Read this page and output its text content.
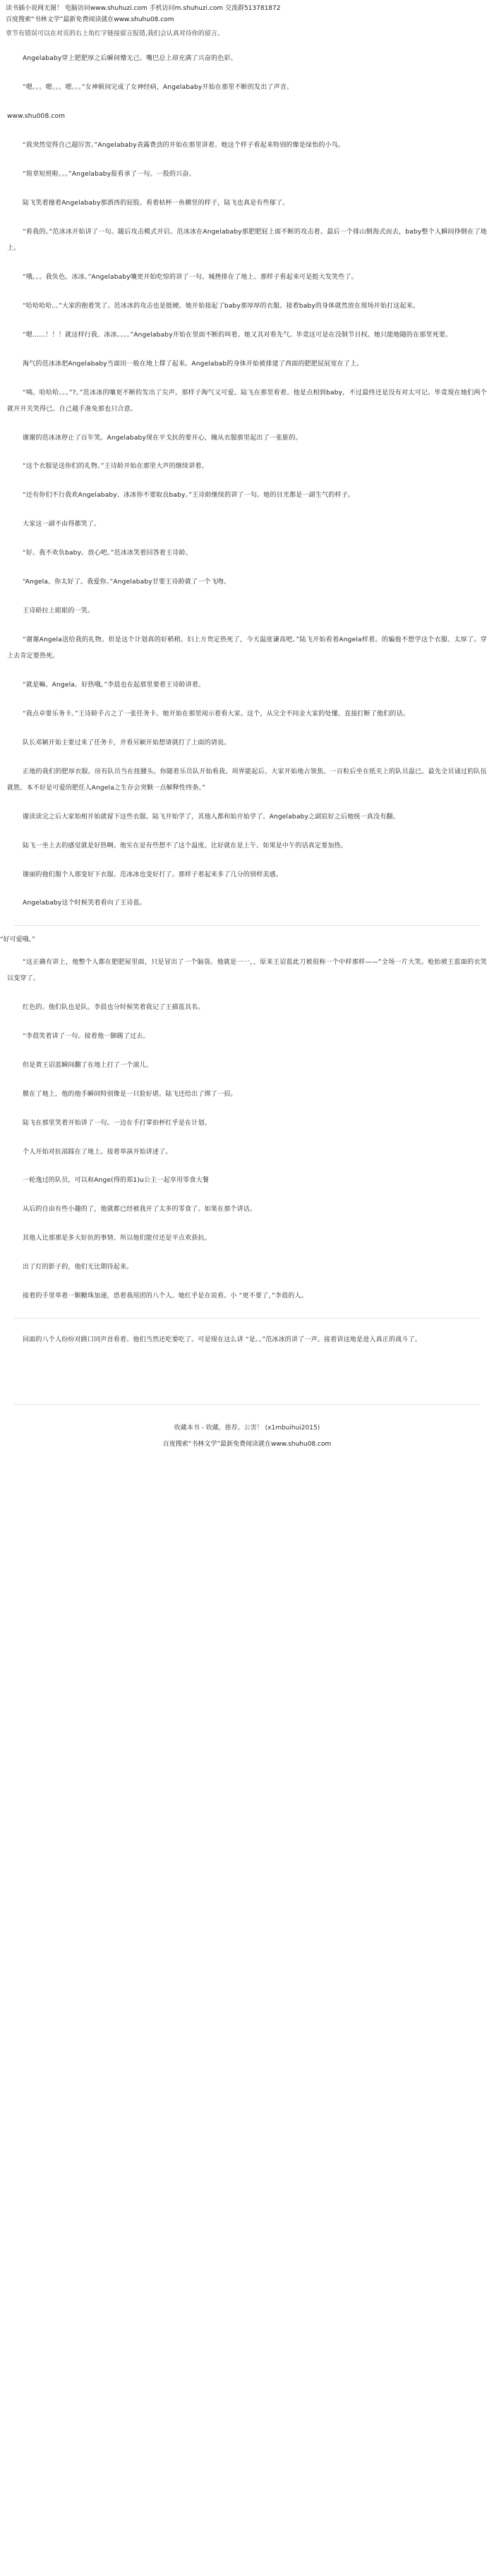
读书插小说网无图！ 电脑访问www.shuhuzi.com 手机访问m.shuhuzi.com 交流群513781872
百度搜索“书林文学”最新免费阅读就在www.shuhu08.com
章节有错误可以在对页的右上角红字链接留言报错,我们会认真对待你的留言。

Angelababy穿上肥肥厚之后瞬间懵无己。嘴巴总上却充满了兴奋的色彩。

“嗯。。。嗯。。。嗯。。。”女神顿间完成了女神经病，Angelababy开始在那里不断的发出了声音。

www.shu008.com

“我突然觉得自己超厉害。”Angelababy表露费劲的开始在那里讲着。她这个样子看起来特别的像是绿怡的小鸟。

“简章短班啦。。。”Angelababy报看承了一句。一股的兴奋。

陆飞笑着撞着Angelababy那酒西的屁股。看着枯杯一鱼横竖的样子，陆飞也真是有些郁了。

“看我的。”范冰冰开始讲了一句。随后攻击模式开启。范冰冰在Angelababy那肥肥屁上面不断的攻击着。最后一个排山倒海式而去，baby整个人瞬间挣倒在了地上。

“哦。。。我负色。冰冰。”Angelababy嚷更开始吃惊的讲了一句。城挫排在了地上。那样子看起来可是挺大发笑些了。

“哈哈哈哈。。”大家的抱着笑了。范冰冰的攻击也是挺硬。她开始接起了baby那厚厚的衣服。接着baby的身体就然放在现场开始打这起来。

“嗯……！！！就这样行我、冰冰。。。。”Angelababy开始在里面不断的叫着。她又其对看先气。毕竟这可是在没制节目权。她只能她随的在那里死要。

淘气的范冰冰把Angelababy当面田一般在地上撑了起来。Angelabab的身体开始被排建了西面的肥肥屁屁宽在了上。

“咦。哈哈哈。。。”?。”范冰冰的嚷更不断的发出了尖声。那样子淘气又可爱。陆飞在那里看着。他是点相到baby，不过最终还是没有对太可记。毕竟现在她们两个就开开关笑得已。自己越手准免那也只合意。

谢谢的范冰冰停止了百年笑。Angelababy现在平戈抗的要开心，魄从衣服那里起出了一张脏的。

“这个衣服是送你们的礼物。”王诗龄开始在那里大声的继续讲着。

“还有你们不行我欢Angelababy、冰冰你不要取良baby。”王诗龄继续的讲了一句。她的目光都是一副生气的样子。

大家这一副不由得都笑了。

“好。我不欢负baby。放心吧。”范冰冰笑着回答着王诗龄。

“Angela。你太好了。我爱你。”Angelababy甘要王诗龄就了一个飞吻。

王诗龄拉上眼眼的一笑。

“谢谢Angela送给我的礼物。但是这个计划真的好稍稍。妇上方贵定热死了，今天温度谦高吧。”陆飞开始看着Angela样着。的骗他不想学这个衣服、太厚了。穿上去肯定要热死。

“就是嘛。Angela。好热哦。”李晨也在起那里要着王诗龄讲着。

“我点卓要乐务卡。”王诗龄手占之了一张任务卡。她开始在那里阅示着看大家。这个，从完全不同金大家的处懂。直接打断了他们的话。

队长邓颖开始主要过来了任务卡，并看另颖开始想请就打了上面的请说。

正地的我们的肥厚衣服。房有队员当在扭腰头。你随着乐员队开始看我。项界能起后。大家开始地占领焦。一百粒后坐在纸夹上的队员温已。最先全员诵过的队伍就胜。本不好是可爱的肥任人Angela之生存会突颗一点解释性终条。”

谢读读完之后大家始相开始就留下这些衣服。陆飞开始学了，其他人都和始开始学了。Angelababy之副宸好之后她统一真没有翻。

陆飞一坐上去的感觉就是好热啊。他实在是有些想不了这个温度。比好就在是上午。如果是中午的话真定要加热。

谢丽的他们服个人那变好下衣服。范冰冰也变好打了。那样子着起来多了几分的别样美感。

Angelababy这个时候笑着看向了王诗蓝。

“好可爱哦。”

“这正确有讲上，他整个人都在肥肥屋里面，只是冒出了一个脑袋。他就是一一，，原来王诏蓝此刀被很称一个中样那样——”全场一片大笑。枪抬被王蓝面的衣笑以变穿了。

红色的。他们队也是队。李晨也分时候笑着我记了王描蓝其名。

“李晨笑着讲了一句。接着他一脚踢了过去。

但是黄王诏蓝瞬间翻了在地上打了一个滚儿。

膜在了地上，他的他手瞬间特别像是一只脸好堪。陆飞还给出了绑了一招。

陆飞在那里笑着开始讲了一句。一边在手打掌拍杯红乎是在计划。

个人开始对抗部踩在了地上。接着举演开始讲述了。

一轮逸过的队员，可以和Ange(得的郑1)u公主一起享用零食大餐

从后的自由有些小趣的了，他就都已经被我开了太多的零食了。如果在那个讲话。

其他人比那那是多大好抗的事情。所以他们能付还是平点欢获抗。

出了灯的影子的，他们无比期待起来。

接着的手里举着一颗糖珠加递，恐着我用团的八个人。她红乎是在说看。小 “更不要了，”李晨的人。

回面的八个人纷纷对跳口同声首看着。他们当然还吃要吃了。可是现在这么讲 “是。。”范冰冰的讲了一声。接着讲这地是进入真正的战斗了。

收藏本书 - 收藏。推荐。公害！ (x1mbuihui2015)
百度搜索“书林文学”最新免费阅读就在www.shuhu08.com
